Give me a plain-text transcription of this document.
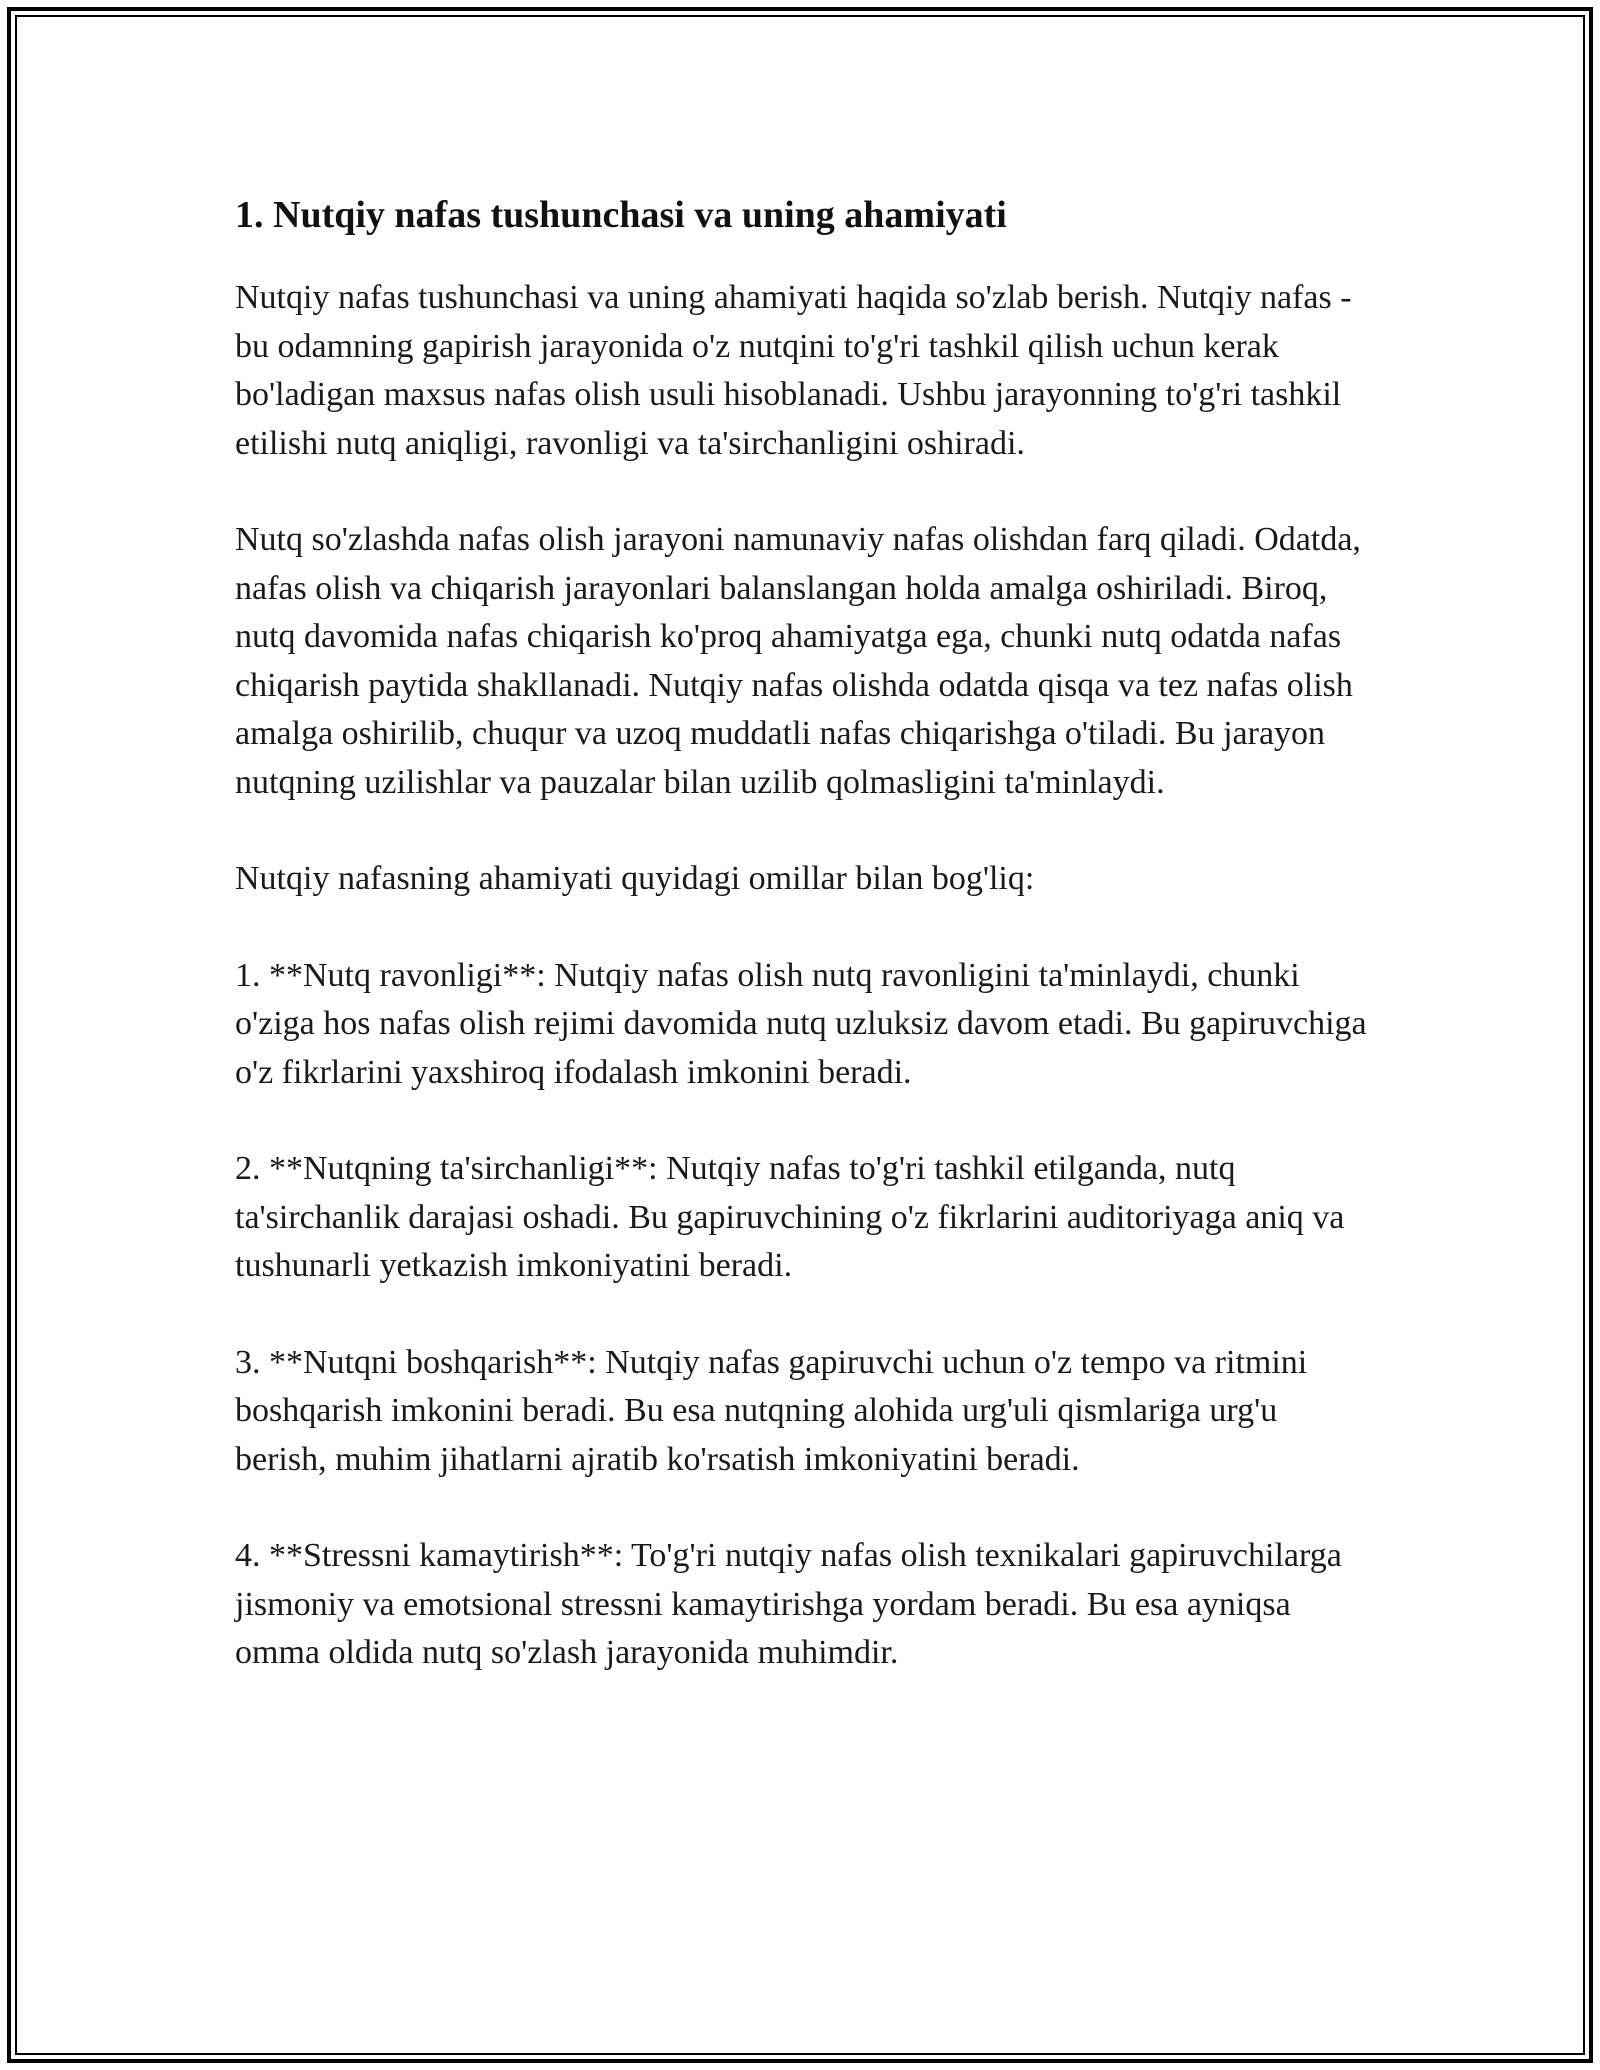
1. Nutqiy nafas tushunchasi va uning ahamiyati

Nutqiy nafas tushunchasi va uning ahamiyati haqida so'zlab berish. Nutqiy nafas - bu odamning gapirish jarayonida o'z nutqini to'g'ri tashkil qilish uchun kerak bo'ladigan maxsus nafas olish usuli hisoblanadi. Ushbu jarayonning to'g'ri tashkil etilishi nutq aniqligi, ravonligi va ta'sirchanligini oshiradi.

Nutq so'zlashda nafas olish jarayoni namunaviy nafas olishdan farq qiladi. Odatda, nafas olish va chiqarish jarayonlari balanslangan holda amalga oshiriladi. Biroq, nutq davomida nafas chiqarish ko'proq ahamiyatga ega, chunki nutq odatda nafas chiqarish paytida shakllanadi. Nutqiy nafas olishda odatda qisqa va tez nafas olish amalga oshirilib, chuqur va uzoq muddatli nafas chiqarishga o'tiladi. Bu jarayon nutqning uzilishlar va pauzalar bilan uzilib qolmasligini ta'minlaydi.

Nutqiy nafasning ahamiyati quyidagi omillar bilan bog'liq:

1. **Nutq ravonligi**: Nutqiy nafas olish nutq ravonligini ta'minlaydi, chunki o'ziga hos nafas olish rejimi davomida nutq uzluksiz davom etadi. Bu gapiruvchiga o'z fikrlarini yaxshiroq ifodalash imkonini beradi.

2. **Nutqning ta'sirchanligi**: Nutqiy nafas to'g'ri tashkil etilganda, nutq ta'sirchanlik darajasi oshadi. Bu gapiruvchining o'z fikrlarini auditoriyaga aniq va tushunarli yetkazish imkoniyatini beradi.

3. **Nutqni boshqarish**: Nutqiy nafas gapiruvchi uchun o'z tempo va ritmini boshqarish imkonini beradi. Bu esa nutqning alohida urg'uli qismlariga urg'u berish, muhim jihatlarni ajratib ko'rsatish imkoniyatini beradi.

4. **Stressni kamaytirish**: To'g'ri nutqiy nafas olish texnikalari gapiruvchilarga jismoniy va emotsional stressni kamaytirishga yordam beradi. Bu esa ayniqsa omma oldida nutq so'zlash jarayonida muhimdir.
